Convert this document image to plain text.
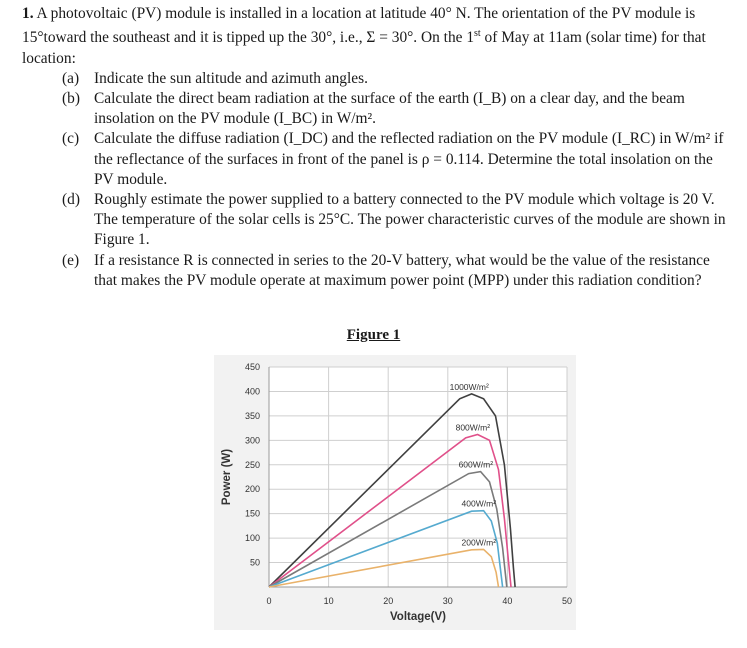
1. A photovoltaic (PV) module is installed in a location at latitude 40° N. The orientation of the PV module is 15°toward the southeast and it is tipped up the 30°, i.e., Σ = 30°. On the 1st of May at 11am (solar time) for that location:

(a) Indicate the sun altitude and azimuth angles.
(b) Calculate the direct beam radiation at the surface of the earth (I_B) on a clear day, and the beam insolation on the PV module (I_BC) in W/m².
(c) Calculate the diffuse radiation (I_DC) and the reflected radiation on the PV module (I_RC) in W/m² if the reflectance of the surfaces in front of the panel is ρ = 0.114. Determine the total insolation on the PV module.
(d) Roughly estimate the power supplied to a battery connected to the PV module which voltage is 20 V. The temperature of the solar cells is 25°C. The power characteristic curves of the module are shown in Figure 1.
(e) If a resistance R is connected in series to the 20-V battery, what would be the value of the resistance that makes the PV module operate at maximum power point (MPP) under this radiation condition?
Figure 1
50
100
150
200
250
300
350
400
450
0	10	20	30	40	50
Voltage(V)
Power (W)
1000W/m²
800W/m²
600W/m²
400W/m²
200W/m²
